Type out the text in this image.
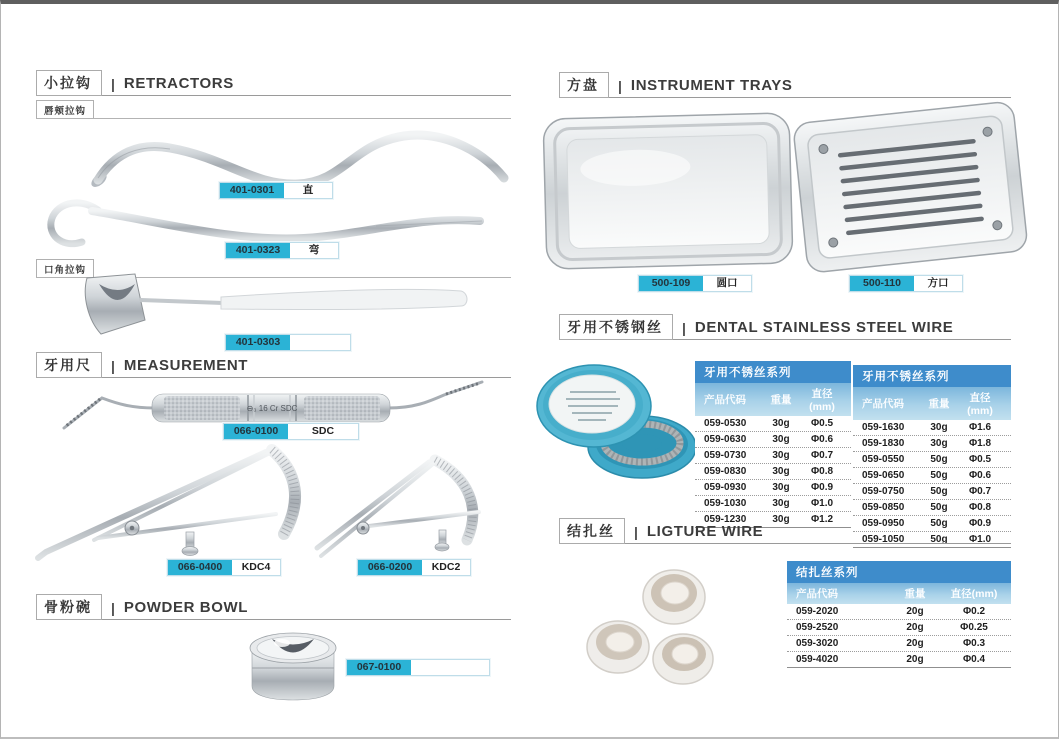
小拉钩	| RETRACTORS
唇颊拉钩
401-0301	直
401-0323	弯
口角拉钩
401-0303
牙用尺	| MEASUREMENT
⊖₃ 16 Cr SDC
066-0100	SDC
066-0400	KDC4	066-0200	KDC2
骨粉碗	| POWDER BOWL
067-0100
方盘	| INSTRUMENT TRAYS
500-109	圆口	500-110	方口
牙用不锈钢丝	| DENTAL STAINLESS STEEL WIRE
牙用不锈丝系列
产品代码	重量	直径(mm)
059-0530	30g	Φ0.5
059-0630	30g	Φ0.6
059-0730	30g	Φ0.7
059-0830	30g	Φ0.8
059-0930	30g	Φ0.9
059-1030	30g	Φ1.0
059-1230	30g	Φ1.2
牙用不锈丝系列
产品代码	重量	直径(mm)
059-1630	30g	Φ1.6
059-1830	30g	Φ1.8
059-0550	50g	Φ0.5
059-0650	50g	Φ0.6
059-0750	50g	Φ0.7
059-0850	50g	Φ0.8
059-0950	50g	Φ0.9
059-1050	50g	Φ1.0
结扎丝	| LIGTURE WIRE
结扎丝系列
产品代码	重量	直径(mm)
059-2020	20g	Φ0.2
059-2520	20g	Φ0.25
059-3020	20g	Φ0.3
059-4020	20g	Φ0.4
